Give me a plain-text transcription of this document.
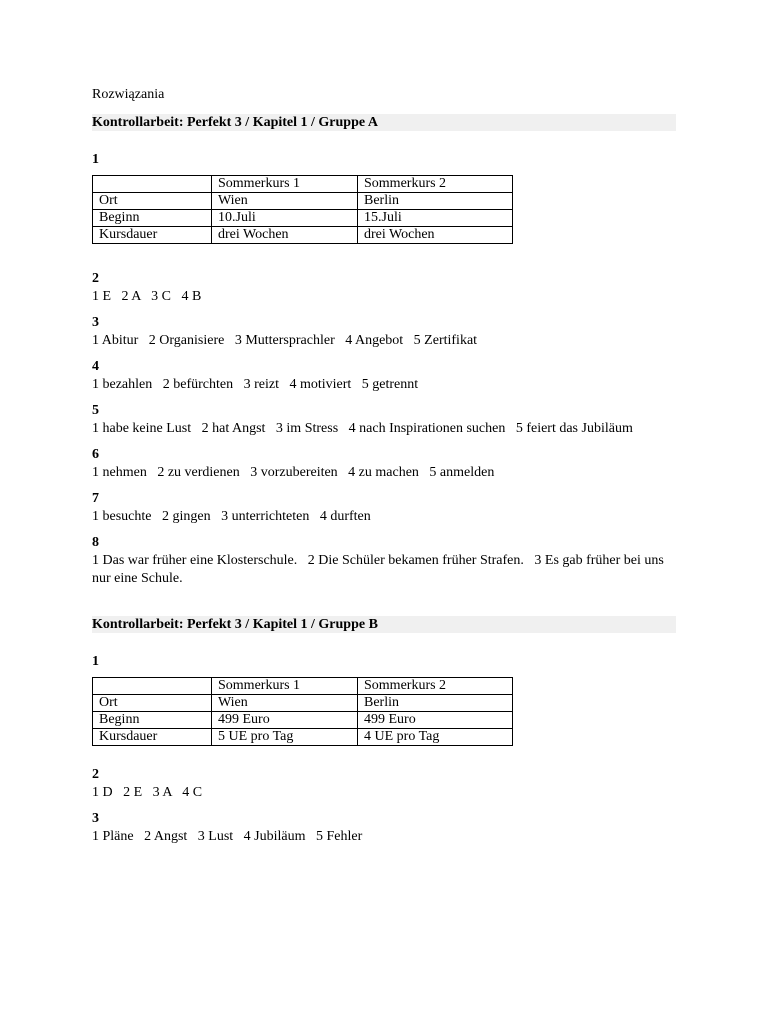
Rozwiązania

Kontrollarbeit: Perfekt 3 / Kapitel 1 / Gruppe A

1

	Sommerkurs 1	Sommerkurs 2
Ort	Wien	Berlin
Beginn	10.Juli	15.Juli
Kursdauer	drei Wochen	drei Wochen

2

1 E   2 A   3 C   4 B

3

1 Abitur   2 Organisiere   3 Muttersprachler   4 Angebot   5 Zertifikat

4

1 bezahlen   2 befürchten   3 reizt   4 motiviert   5 getrennt

5

1 habe keine Lust   2 hat Angst   3 im Stress   4 nach Inspirationen suchen   5 feiert das Jubiläum

6

1 nehmen   2 zu verdienen   3 vorzubereiten   4 zu machen   5 anmelden

7

1 besuchte   2 gingen   3 unterrichteten   4 durften

8

1 Das war früher eine Klosterschule.   2 Die Schüler bekamen früher Strafen.   3 Es gab früher bei uns nur eine Schule.

Kontrollarbeit: Perfekt 3 / Kapitel 1 / Gruppe B

1

	Sommerkurs 1	Sommerkurs 2
Ort	Wien	Berlin
Beginn	499 Euro	499 Euro
Kursdauer	5 UE pro Tag	4 UE pro Tag

2

1 D   2 E   3 A   4 C

3

1 Pläne   2 Angst   3 Lust   4 Jubiläum   5 Fehler
